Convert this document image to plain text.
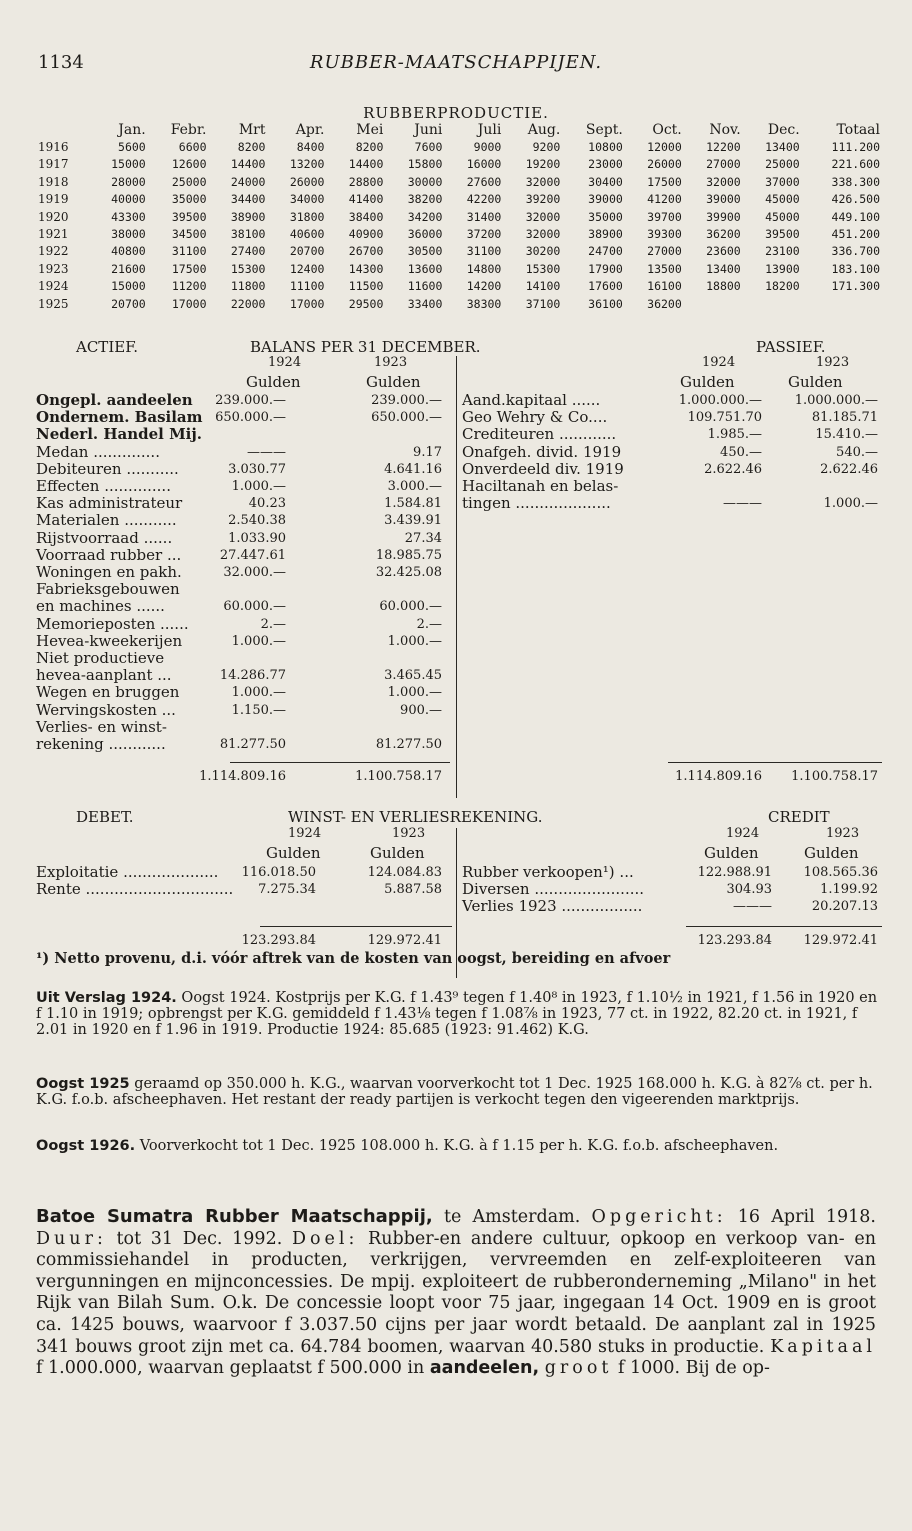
1134	RUBBER-MAATSCHAPPIJEN.
RUBBERPRODUCTIE.
	Jan.	Febr.	Mrt	Apr.	Mei	Juni	Juli	Aug.	Sept.	Oct.	Nov.	Dec.	Totaal
1916	5600	6600	8200	8400	8200	7600	9000	9200	10800	12000	12200	13400	111.200
1917	15000	12600	14400	13200	14400	15800	16000	19200	23000	26000	27000	25000	221.600
1918	28000	25000	24000	26000	28800	30000	27600	32000	30400	17500	32000	37000	338.300
1919	40000	35000	34400	34000	41400	38200	42200	39200	39000	41200	39000	45000	426.500
1920	43300	39500	38900	31800	38400	34200	31400	32000	35000	39700	39900	45000	449.100
1921	38000	34500	38100	40600	40900	36000	37200	32000	38900	39300	36200	39500	451.200
1922	40800	31100	27400	20700	26700	30500	31100	30200	24700	27000	23600	23100	336.700
1923	21600	17500	15300	12400	14300	13600	14800	15300	17900	13500	13400	13900	183.100
1924	15000	11200	11800	11100	11500	11600	14200	14100	17600	16100	18800	18200	171.300
1925	20700	17000	22000	17000	29500	33400	38300	37100	36100	36200			
ACTIEF.	BALANS PER 31 DECEMBER.	PASSIEF.
1924	1923
Gulden	Gulden
1924	1923
Gulden	Gulden
Ongepl. aandeelen 239.000.—	239.000.—
Ondernem. Basilam 650.000.—	650.000.—
Nederl. Handel Mij.
Medan ..............	———	9.17
Debiteuren ...........	3.030.77	4.641.16
Effecten ..............	1.000.—	3.000.—
Kas administrateur	40.23	1.584.81
Materialen ...........	2.540.38	3.439.91
Rijstvoorraad ......	1.033.90	27.34
Voorraad rubber ...	27.447.61	18.985.75
Woningen en pakh.	32.000.—	32.425.08
Fabrieksgebouwen
en machines ......	60.000.—	60.000.—
Memorieposten ......	2.—	2.—
Hevea-kweekerijen	1.000.—	1.000.—
Niet productieve
hevea-aanplant ...	14.286.77	3.465.45
Wegen en bruggen	1.000.—	1.000.—
Wervingskosten ...	1.150.—	900.—
Verlies- en winst-
rekening ............	81.277.50	81.277.50
Aand.kapitaal ......	1.000.000.—	1.000.000.—
Geo Wehry & Co....	109.751.70	81.185.71
Crediteuren ............	1.985.—	15.410.—
Onafgeh. divid. 1919	450.—	540.—
Onverdeeld div. 1919	2.622.46	2.622.46
Haciltanah en belas-
tingen ....................	———	1.000.—
1.114.809.16	1.100.758.17	1.114.809.16 1.100.758.17
DEBET.	WINST- EN VERLIESREKENING.	CREDIT
1924	1923
Gulden	Gulden
1924	1923
Gulden	Gulden
Exploitatie .................... 116.018.50	124.084.83
Rente ............................... 7.275.34	5.887.58
Rubber verkoopen¹) ...	122.988.91 108.565.36
Diversen .......................	304.93	1.199.92
Verlies 1923 .................	———	20.207.13
123.293.84	129.972.41	123.293.84 129.972.41
¹) Netto provenu, d.i. vóór aftrek van de kosten van oogst, bereiding en afvoer
Uit Verslag 1924. Oogst 1924. Kostprijs per K.G. f 1.43⁹ tegen f 1.40⁸ in 1923, f 1.10½ in 1921, f 1.56 in 1920 en f 1.10 in 1919; opbrengst per K.G. gemiddeld f 1.43⅛ tegen f 1.08⅞ in 1923, 77 ct. in 1922, 82.20 ct. in 1921, f 2.01 in 1920 en f 1.96 in 1919. Productie 1924: 85.685 (1923: 91.462) K.G.
Oogst 1925 geraamd op 350.000 h. K.G., waarvan voorverkocht tot 1 Dec. 1925 168.000 h. K.G. à 82⅞ ct. per h. K.G. f.o.b. afscheephaven. Het restant der ready partijen is verkocht tegen den vigeerenden marktprijs.
Oogst 1926. Voorverkocht tot 1 Dec. 1925 108.000 h. K.G. à f 1.15 per h. K.G. f.o.b. afscheephaven.
Batoe Sumatra Rubber Maatschappij, te Amsterdam. Opgericht: 16 April 1918. Duur: tot 31 Dec. 1992. Doel: Rubber-en andere cultuur, opkoop en verkoop van- en commissiehandel in producten, verkrijgen, vervreemden en zelf-exploiteeren van vergunningen en mijnconcessies. De mpij. exploiteert de rubberonderneming „Milano" in het Rijk van Bilah Sum. O.k. De concessie loopt voor 75 jaar, ingegaan 14 Oct. 1909 en is groot ca. 1425 bouws, waarvoor f 3.037.50 cijns per jaar wordt betaald. De aanplant zal in 1925 341 bouws groot zijn met ca. 64.784 boomen, waarvan 40.580 stuks in productie. Kapitaal f 1.000.000, waarvan geplaatst f 500.000 in aandeelen, groot f 1000. Bij de op-
